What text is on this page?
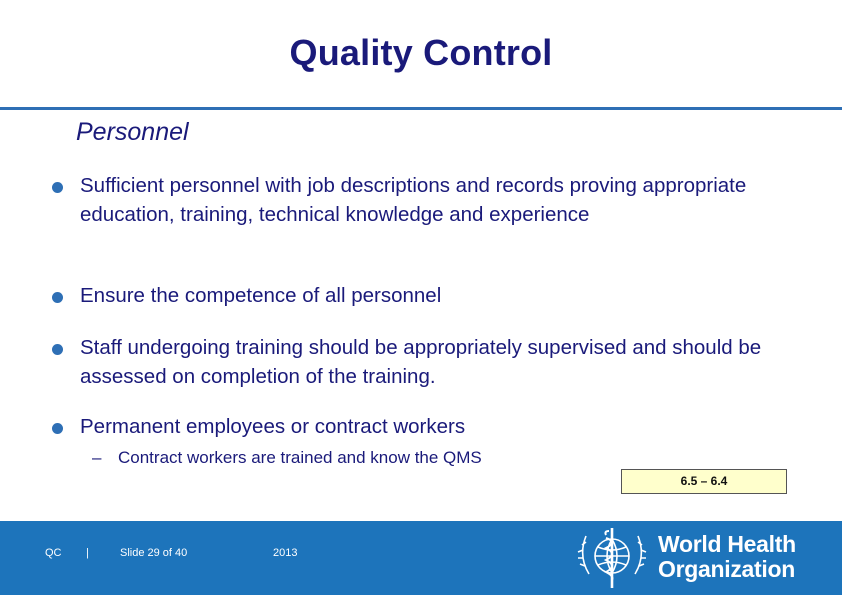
Quality Control
Personnel
Sufficient personnel with job descriptions and records proving appropriate education, training, technical knowledge and experience
Ensure the competence of all personnel
Staff undergoing training should be appropriately supervised and should be assessed on completion of the training.
Permanent employees or contract workers
– Contract workers are trained and know the QMS
6.5 – 6.4
QC |	Slide 29 of 40	2013	World Health
Organization
